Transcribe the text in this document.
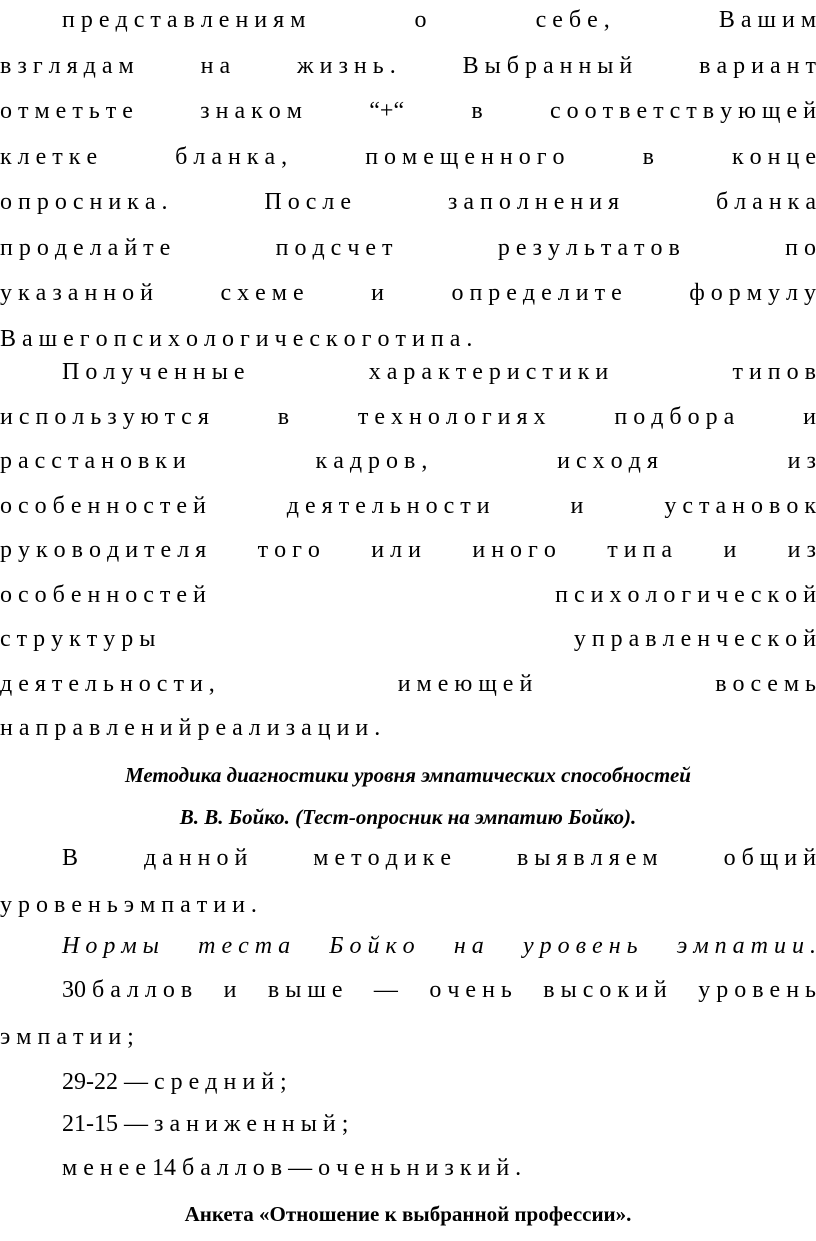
п р е д с т а в л е н и я м	о	с е б е ,	В а ш и м
в з г л я д а м	н а	ж и з н ь .	В ы б р а н н ы й	в а р и а н т
о т м е т ь т е	з н а к о м	“+“	в	с о о т в е т с т в у ю щ е й
к л е т к е	б л а н к а ,	п о м е щ е н н о г о	в	к о н ц е
о п р о с н и к а .	П о с л е	з а п о л н е н и я	б л а н к а
п р о д е л а й т е	п о д с ч е т	р е з у л ь т а т о в	п о
у к а з а н н о й	с х е м е	и	о п р е д е л и т е	ф о р м у л у
В а ш е г о п с и х о л о г и ч е с к о г о т и п а .
П о л у ч е н н ы е	х а р а к т е р и с т и к и	т и п о в
и с п о л ь з у ю т с я	в	т е х н о л о г и я х	п о д б о р а	и
р а с с т а н о в к и	к а д р о в ,	и с х о д я	и з
о с о б е н н о с т е й	д е я т е л ь н о с т и	и	у с т а н о в о к
р у к о в о д и т е л я т о г о и л и и н о г о т и п а и и з
о с о б е н н о с т е й	п с и х о л о г и ч е с к о й
с т р у к т у р ы	у п р а в л е н ч е с к о й
д е я т е л ь н о с т и ,	и м е ю щ е й	в о с е м ь
н а п р а в л е н и й р е а л и з а ц и и .
Методика диагностики уровня эмпатических способностей
В. В. Бойко. (Тест-опросник на эмпатию Бойко).
В	д а н н о й	м е т о д и к е	в ы я в л я е м	о б щ и й
у р о в е н ь э м п а т и и .
Н о р м ы т е с т а Б о й к о н а у р о в е н ь э м п а т и и .
30 б а л л о в и в ы ш е — о ч е н ь в ы с о к и й у р о в е н ь
э м п а т и и ;
29-22 — с р е д н и й ;
21-15 — з а н и ж е н н ы й ;
м е н е е 14 б а л л о в — о ч е н ь н и з к и й .
Анкета «Отношение к выбранной профессии».
